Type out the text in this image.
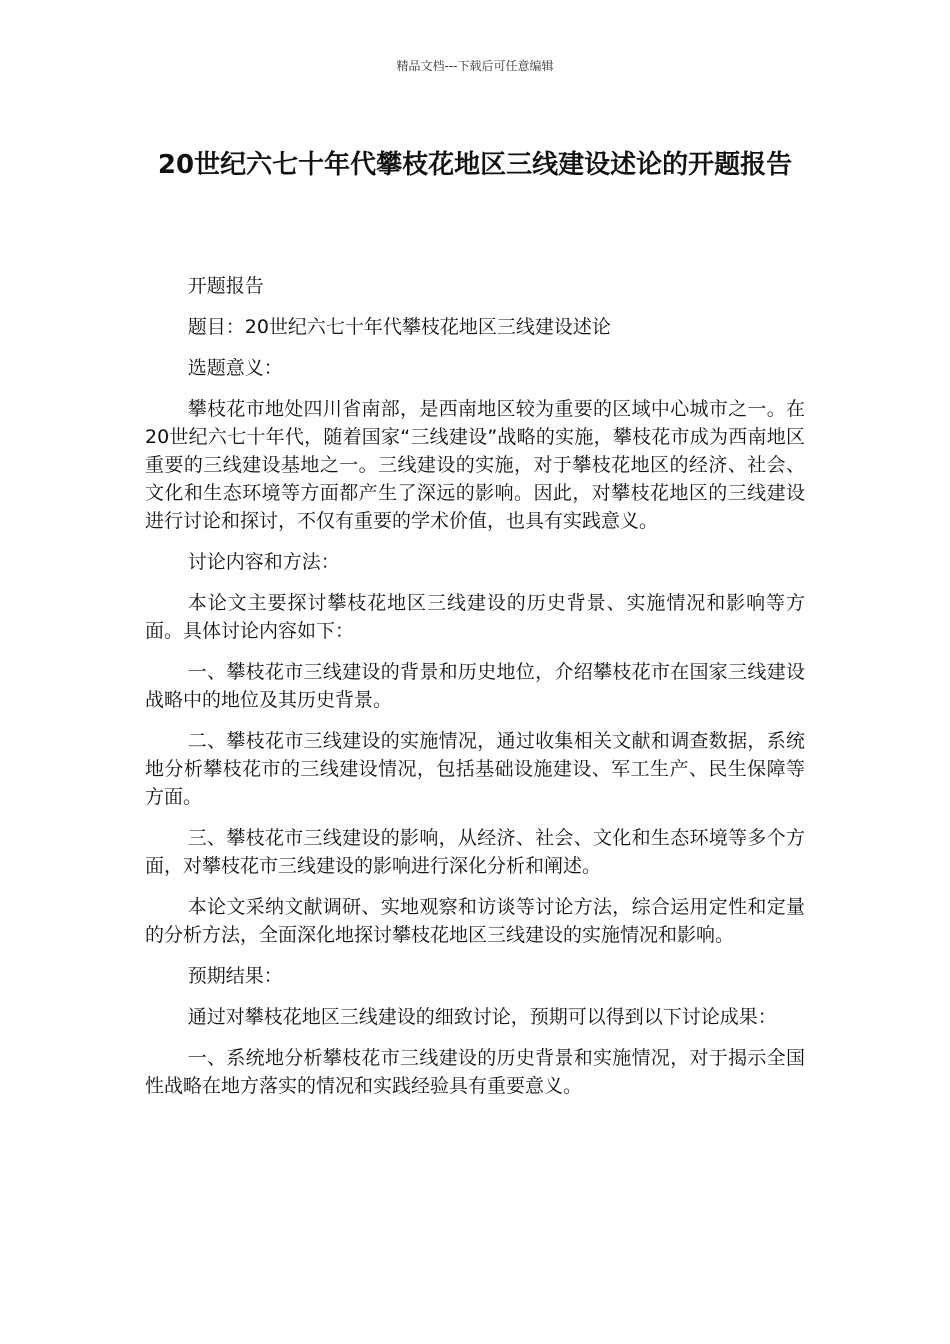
精品文档---下载后可任意编辑
20世纪六七十年代攀枝花地区三线建设述论的开题报告

开题报告

题目：20世纪六七十年代攀枝花地区三线建设述论

选题意义：

攀枝花市地处四川省南部，是西南地区较为重要的区域中心城市之一。在20世纪六七十年代，随着国家“三线建设”战略的实施，攀枝花市成为西南地区重要的三线建设基地之一。三线建设的实施，对于攀枝花地区的经济、社会、文化和生态环境等方面都产生了深远的影响。因此，对攀枝花地区的三线建设进行讨论和探讨，不仅有重要的学术价值，也具有实践意义。

讨论内容和方法：

本论文主要探讨攀枝花地区三线建设的历史背景、实施情况和影响等方面。具体讨论内容如下：

一、攀枝花市三线建设的背景和历史地位，介绍攀枝花市在国家三线建设战略中的地位及其历史背景。

二、攀枝花市三线建设的实施情况，通过收集相关文献和调查数据，系统地分析攀枝花市的三线建设情况，包括基础设施建设、军工生产、民生保障等方面。

三、攀枝花市三线建设的影响，从经济、社会、文化和生态环境等多个方面，对攀枝花市三线建设的影响进行深化分析和阐述。

本论文采纳文献调研、实地观察和访谈等讨论方法，综合运用定性和定量的分析方法，全面深化地探讨攀枝花地区三线建设的实施情况和影响。

预期结果：

通过对攀枝花地区三线建设的细致讨论，预期可以得到以下讨论成果：

一、系统地分析攀枝花市三线建设的历史背景和实施情况，对于揭示全国性战略在地方落实的情况和实践经验具有重要意义。
